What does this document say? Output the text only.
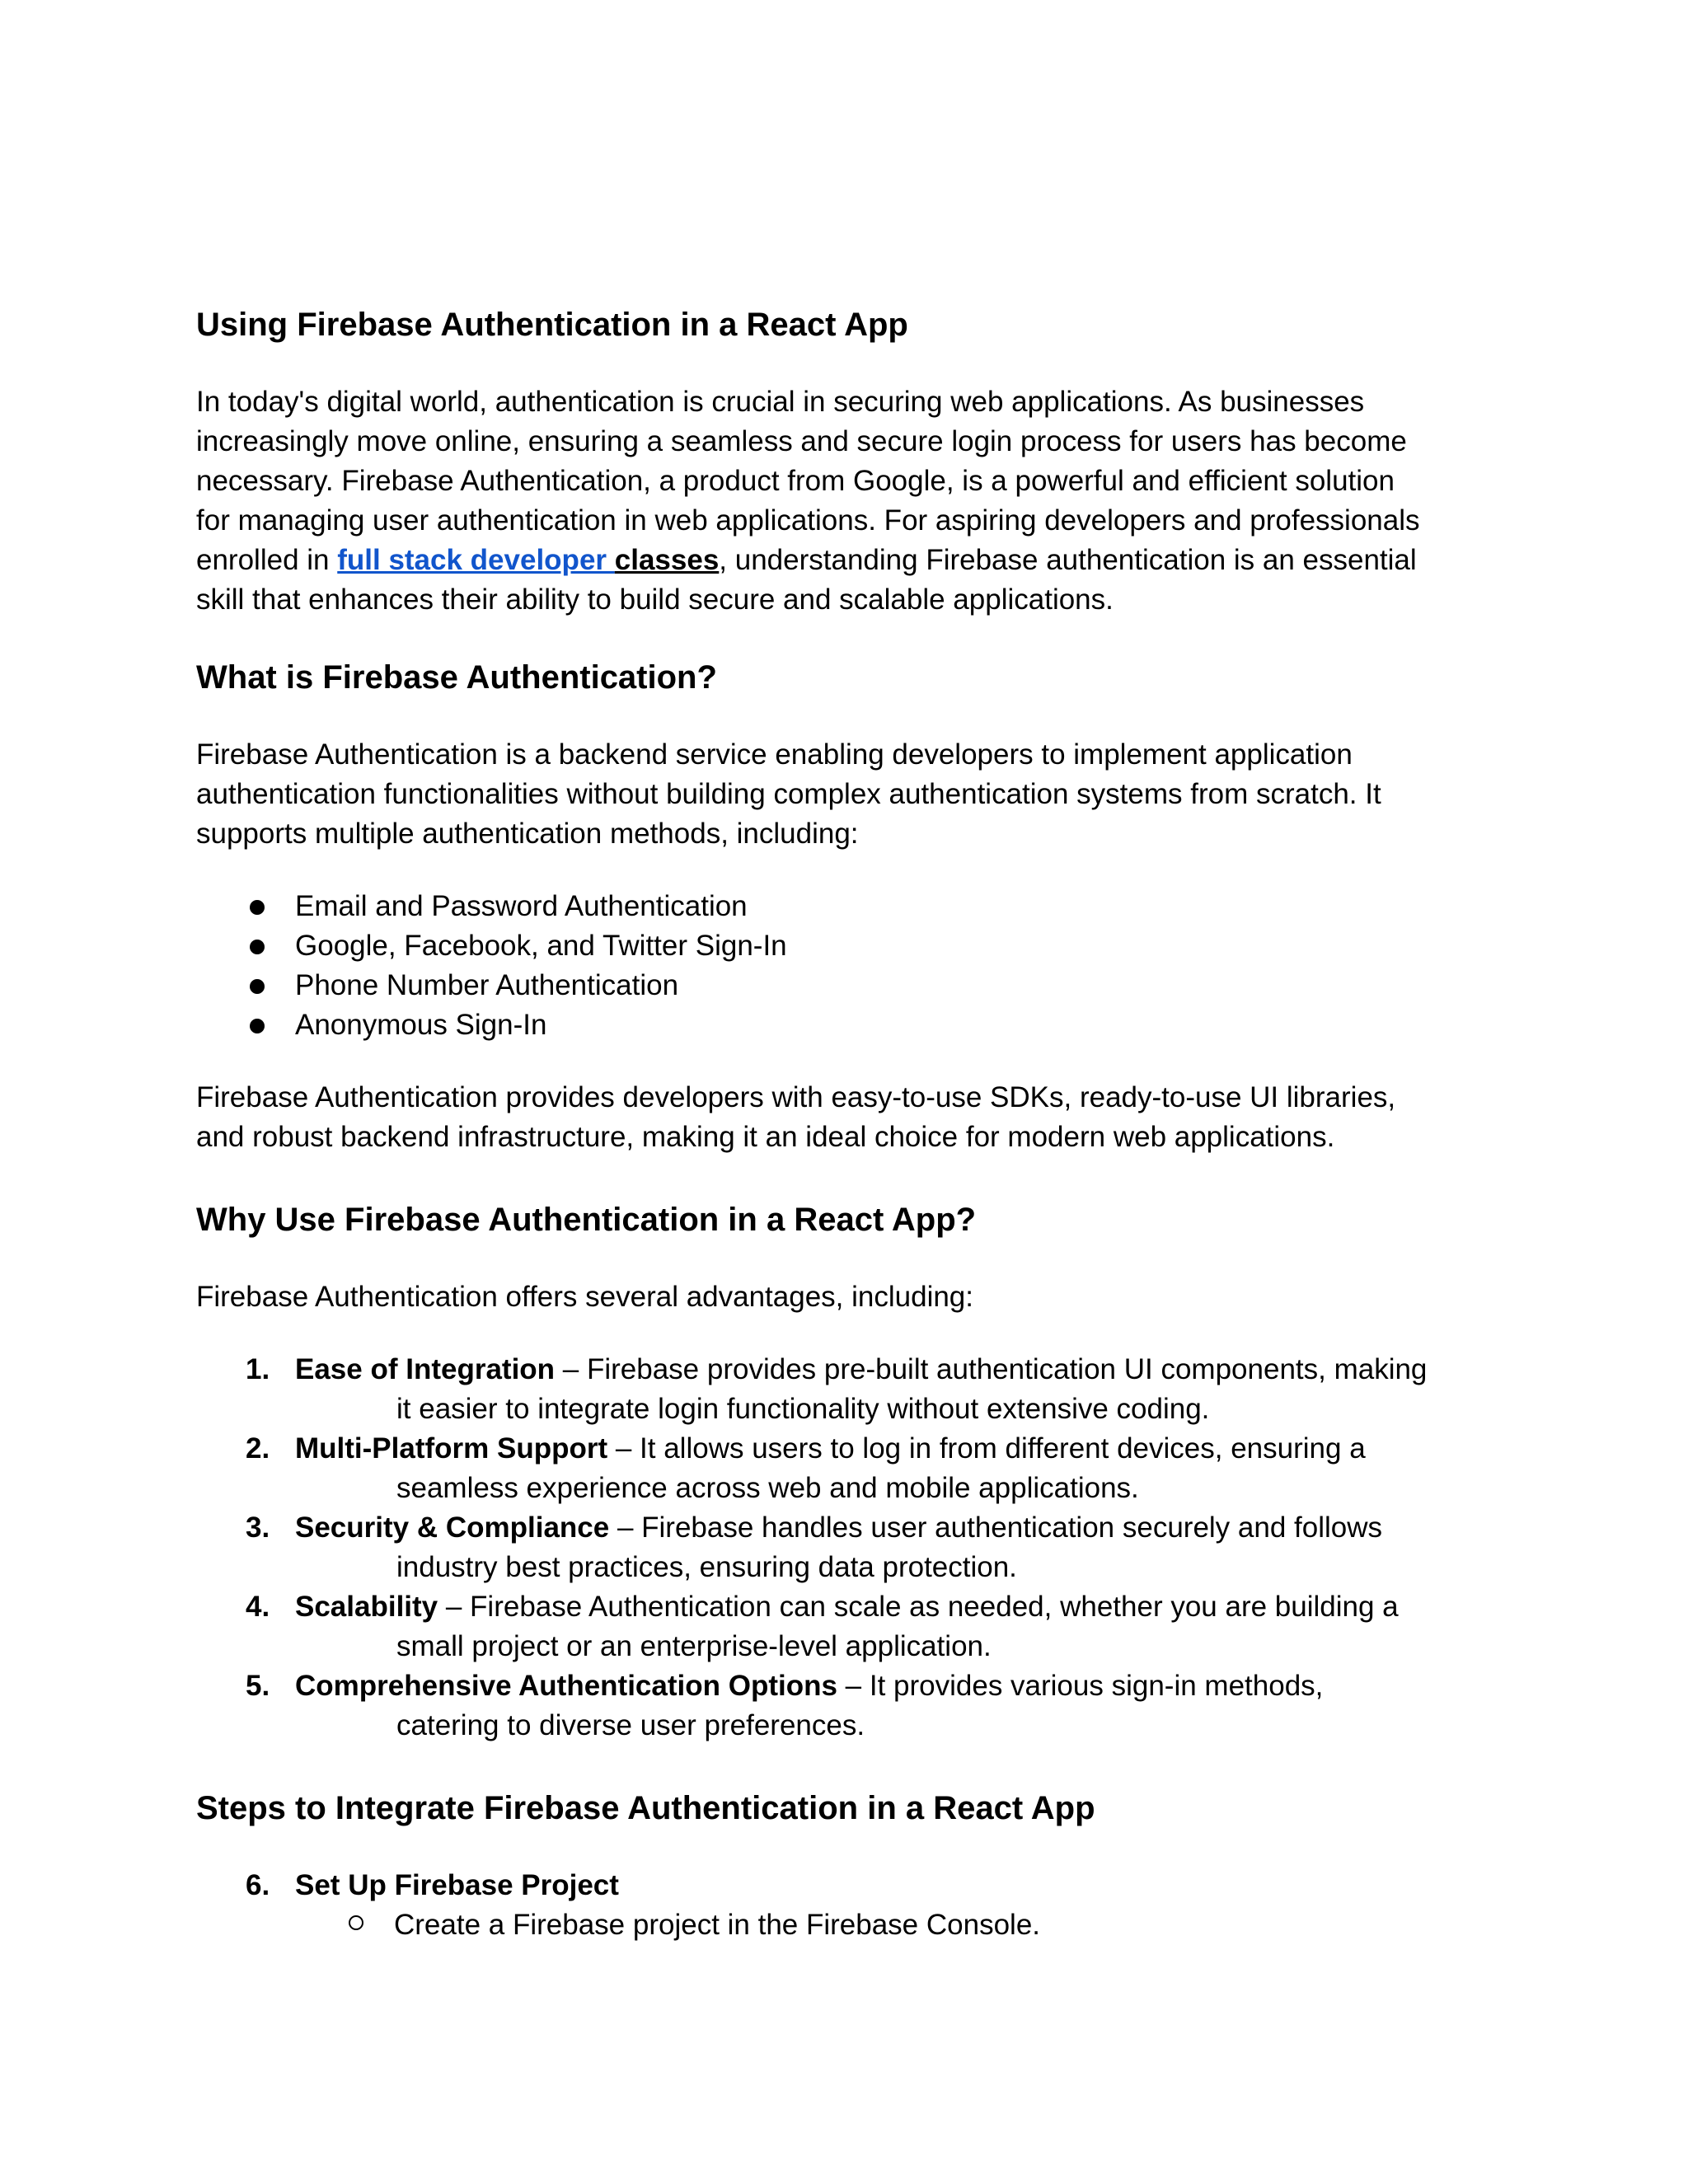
Using Firebase Authentication in a React App

In today's digital world, authentication is crucial in securing web applications. As businesses
increasingly move online, ensuring a seamless and secure login process for users has become
necessary. Firebase Authentication, a product from Google, is a powerful and efficient solution
for managing user authentication in web applications. For aspiring developers and professionals
enrolled in full stack developer classes, understanding Firebase authentication is an essential
skill that enhances their ability to build secure and scalable applications.

What is Firebase Authentication?

Firebase Authentication is a backend service enabling developers to implement application
authentication functionalities without building complex authentication systems from scratch. It
supports multiple authentication methods, including:

Email and Password Authentication
Google, Facebook, and Twitter Sign-In
Phone Number Authentication
Anonymous Sign-In

Firebase Authentication provides developers with easy-to-use SDKs, ready-to-use UI libraries,
and robust backend infrastructure, making it an ideal choice for modern web applications.

Why Use Firebase Authentication in a React App?

Firebase Authentication offers several advantages, including:

1. Ease of Integration – Firebase provides pre-built authentication UI components, making
it easier to integrate login functionality without extensive coding.
2. Multi-Platform Support – It allows users to log in from different devices, ensuring a
seamless experience across web and mobile applications.
3. Security & Compliance – Firebase handles user authentication securely and follows
industry best practices, ensuring data protection.
4. Scalability – Firebase Authentication can scale as needed, whether you are building a
small project or an enterprise-level application.
5. Comprehensive Authentication Options – It provides various sign-in methods,
catering to diverse user preferences.
Steps to Integrate Firebase Authentication in a React App
6. Set Up Firebase Project
Create a Firebase project in the Firebase Console.
